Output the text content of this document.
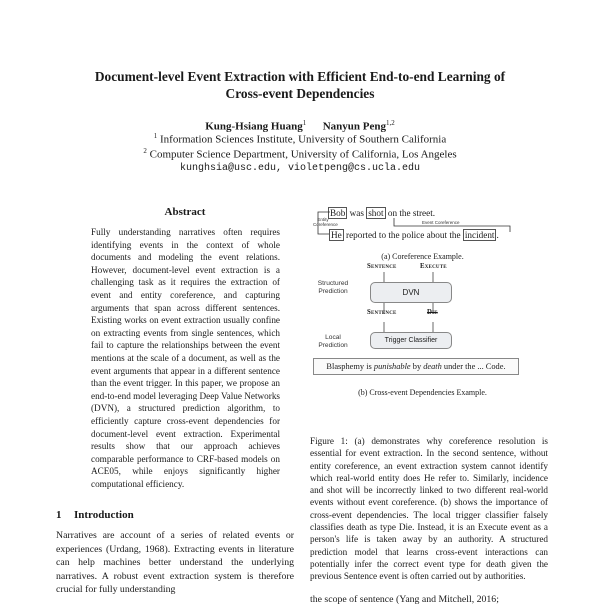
Document-level Event Extraction with Efficient End-to-end Learning of
Cross-event Dependencies
Kung-Hsiang Huang$^1$ Nanyun Peng$^{1,2}$
$^1$ Information Sciences Institute, University of Southern California
$^2$ Computer Science Department, University of California, Los Angeles
kunghsia@usc.edu, violetpeng@cs.ucla.edu
Abstract
Fully understanding narratives often requires identifying events in the context of whole documents and modeling the event relations. However, document-level event extraction is a challenging task as it requires the extraction of event and entity coreference, and capturing arguments that span across different sentences. Existing works on event extraction usually confine on extracting events from single sentences, which fail to capture the relationships between the event mentions at the scale of a document, as well as the event arguments that appear in a different sentence than the event trigger. In this paper, we propose an end-to-end model leveraging Deep Value Networks (DVN), a structured prediction algorithm, to efficiently capture cross-event dependencies for document-level event extraction. Experimental results show that our approach achieves comparable performance to CRF-based models on ACE05, while enjoys significantly higher computational efficiency.
1 Introduction
Narratives are account of a series of related events or experiences (Urdang, 1968). Extracting events in literature can help machines better understand the underlying narratives. A robust event extraction system is therefore crucial for fully understanding
Bob was shot on the street.
Entity Coreference	Event Coreference
He reported to the police about the incident .
(a) Coreference Example.
Structured Prediction
Local Prediction
Sentence	Execute
DVN
Sentence	Die
Trigger Classifier
Blasphemy is punishable by death under the ... Code.
(b) Cross-event Dependencies Example.
Figure 1: (a) demonstrates why coreference resolution is essential for event extraction. In the second sentence, without entity coreference, an event extraction system cannot identify which real-world entity does He refer to. Similarly, incidence and shot will be incorrectly linked to two different real-world events without event coreference. (b) shows the importance of cross-event dependencies. The local trigger classifier falsely classifies death as type Die. Instead, it is an Execute event as a person's life is taken away by an authority. A structured prediction model that learns cross-event interactions can potentially infer the correct event type for death given the previous Sentence event is often carried out by authorities.
the scope of sentence (Yang and Mitchell, 2016;
